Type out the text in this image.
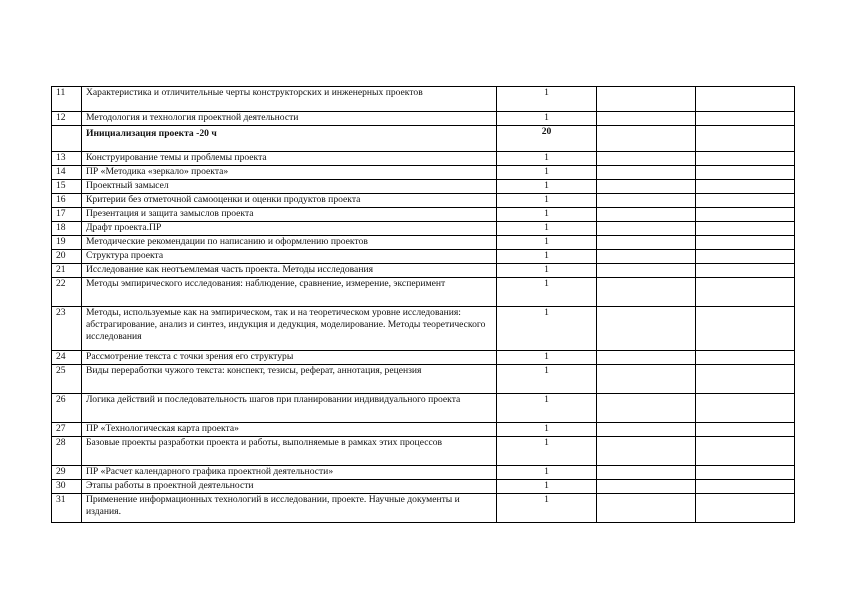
11	Характеристика и отличительные черты конструкторских и инженерных проектов	1		
12	Методология и технология проектной деятельности	1		
	Инициализация проекта -20 ч	20		
13	Конструирование темы и проблемы проекта	1		
14	ПР «Методика «зеркало» проекта»	1		
15	Проектный замысел	1		
16	Критерии без отметочной самооценки и оценки продуктов проекта	1		
17	Презентация и защита замыслов проекта	1		
18	Драфт проекта.ПР	1		
19	Методические рекомендации по написанию и оформлению проектов	1		
20	Структура проекта	1		
21	Исследование как неотъемлемая часть проекта. Методы исследования	1		
22	Методы эмпирического исследования: наблюдение, сравнение, измерение, эксперимент	1		
23	Методы, используемые как на эмпирическом, так и на теоретическом уровне исследования: абстрагирование, анализ и синтез, индукция и дедукция, моделирование. Методы теоретического исследования	1		
24	Рассмотрение текста с точки зрения его структуры	1		
25	Виды переработки чужого текста: конспект, тезисы, реферат, аннотация, рецензия	1		
26	Логика действий и последовательность шагов при планировании индивидуального проекта	1		
27	ПР «Технологическая карта проекта»	1		
28	Базовые проекты разработки проекта и работы, выполняемые в рамках этих процессов	1		
29	ПР «Расчет календарного графика проектной деятельности»	1		
30	Этапы работы в проектной деятельности	1		
31	Применение информационных технологий в исследовании, проекте. Научные документы и издания.	1		
